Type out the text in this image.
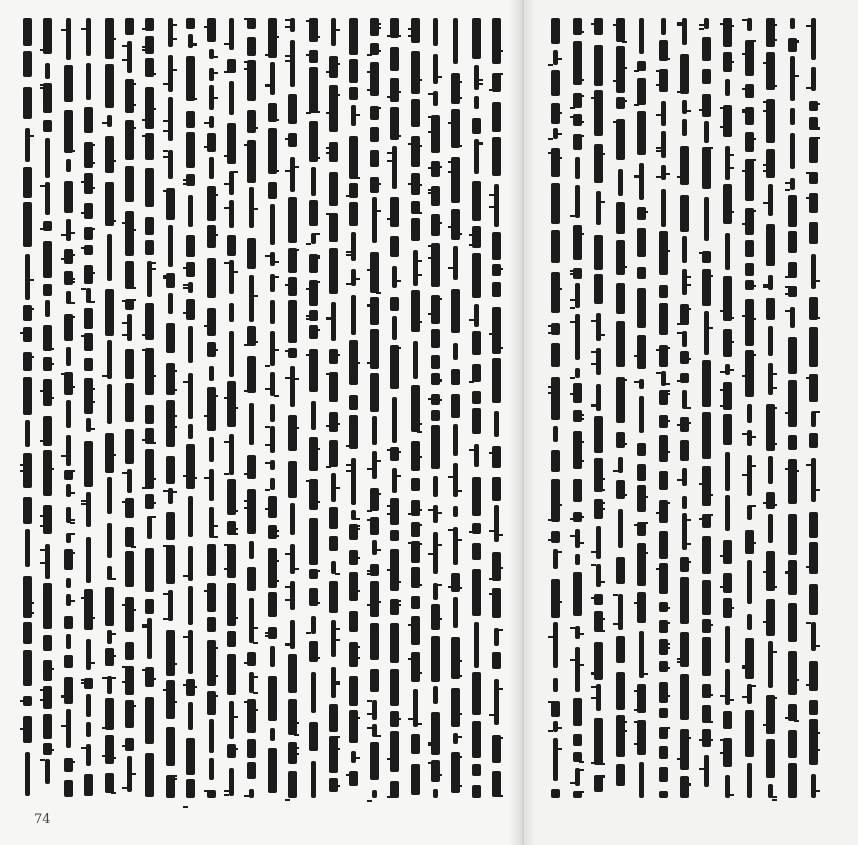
74
